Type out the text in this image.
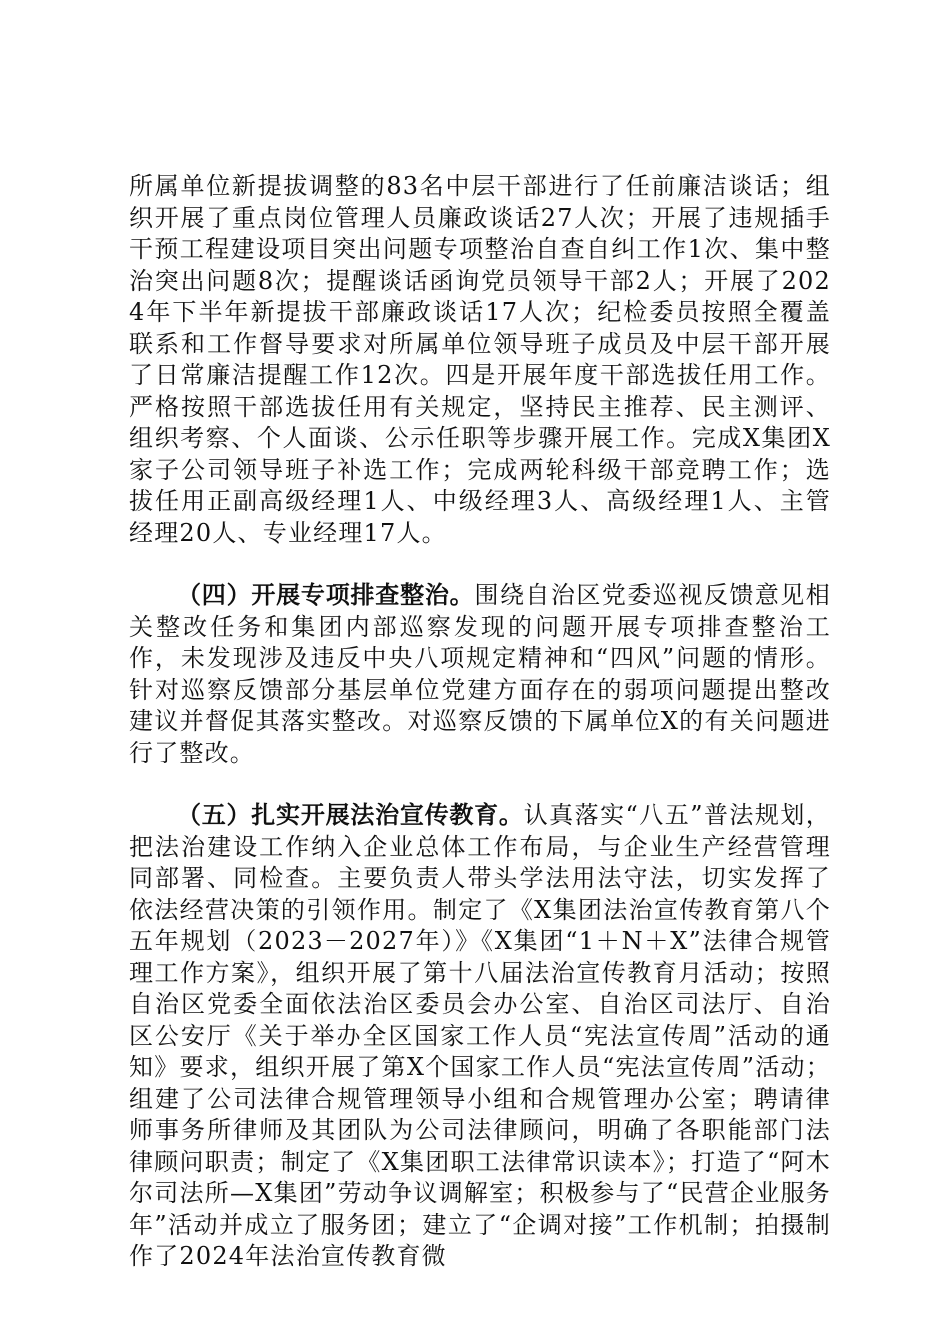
所属单位新提拔调整的83名中层干部进行了任前廉洁谈话；组织开展了重点岗位管理人员廉政谈话27人次；开展了违规插手干预工程建设项目突出问题专项整治自查自纠工作1次、集中整治突出问题8次；提醒谈话函询党员领导干部2人；开展了2024年下半年新提拔干部廉政谈话17人次；纪检委员按照全覆盖联系和工作督导要求对所属单位领导班子成员及中层干部开展了日常廉洁提醒工作12次。四是开展年度干部选拔任用工作。严格按照干部选拔任用有关规定，坚持民主推荐、民主测评、组织考察、个人面谈、公示任职等步骤开展工作。完成X集团X家子公司领导班子补选工作；完成两轮科级干部竞聘工作；选拔任用正副高级经理1人、中级经理3人、高级经理1人、主管经理20人、专业经理17人。

（四）开展专项排查整治。围绕自治区党委巡视反馈意见相关整改任务和集团内部巡察发现的问题开展专项排查整治工作，未发现涉及违反中央八项规定精神和“四风”问题的情形。针对巡察反馈部分基层单位党建方面存在的弱项问题提出整改建议并督促其落实整改。对巡察反馈的下属单位X的有关问题进行了整改。

（五）扎实开展法治宣传教育。认真落实“八五”普法规划，把法治建设工作纳入企业总体工作布局，与企业生产经营管理同部署、同检查。主要负责人带头学法用法守法，切实发挥了依法经营决策的引领作用。制定了《X集团法治宣传教育第八个五年规划（2023－2027年）》《X集团“1＋N＋X”法律合规管理工作方案》，组织开展了第十八届法治宣传教育月活动；按照自治区党委全面依法治区委员会办公室、自治区司法厅、自治区公安厅《关于举办全区国家工作人员“宪法宣传周”活动的通知》要求，组织开展了第X个国家工作人员“宪法宣传周”活动；组建了公司法律合规管理领导小组和合规管理办公室；聘请律师事务所律师及其团队为公司法律顾问，明确了各职能部门法律顾问职责；制定了《X集团职工法律常识读本》；打造了“阿木尔司法所—X集团”劳动争议调解室；积极参与了“民营企业服务年”活动并成立了服务团；建立了“企调对接”工作机制；拍摄制作了2024年法治宣传教育微
